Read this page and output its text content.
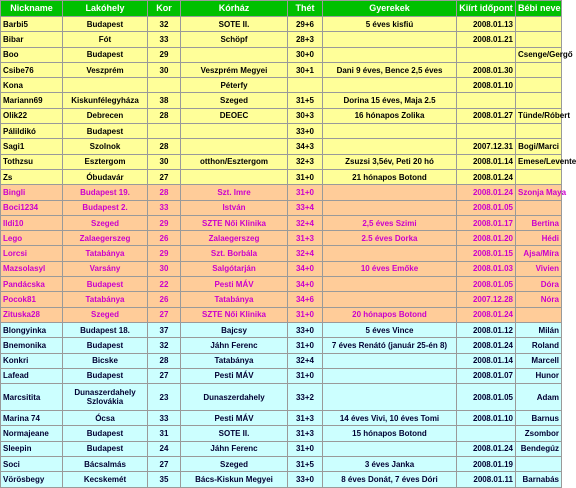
Nickname	Lakóhely	Kor	Kórház	Thét	Gyerekek	Kiírt időpont	Bébi neve
Barbi5	Budapest	32	SOTE II.	29+6	5 éves kisfiú	2008.01.13	
Bibar	Fót	33	Schöpf	28+3		2008.01.21	
Boo	Budapest	29		30+0			Csenge/Gergő
Csibe76	Veszprém	30	Veszprém Megyei	30+1	Dani 9 éves, Bence 2,5 éves	2008.01.30	
Kona			Péterfy			2008.01.10	
Mariann69	Kiskunfélegyháza	38	Szeged	31+5	Dorina 15 éves, Maja 2.5		
Olik22	Debrecen	28	DEOEC	30+3	16 hónapos Zolika	2008.01.27	Tünde/Róbert
Pálildikó	Budapest			33+0			
Sagi1	Szolnok	28		34+3		2007.12.31	Bogi/Marci
Tothzsu	Esztergom	30	otthon/Esztergom	32+3	Zsuzsi 3,5év, Peti 20 hó	2008.01.14	Emese/Levente
Zs	Óbudavár	27		31+0	21 hónapos Botond	2008.01.24	
Bingli	Budapest 19.	28	Szt. Imre	31+0		2008.01.24	Szonja Maya
Boci1234	Budapest 2.	33	István	33+4		2008.01.05	
Ildi10	Szeged	29	SZTE Női Klinika	32+4	2,5 éves Szimi	2008.01.17	Bertina
Lego	Zalaegerszeg	26	Zalaegerszeg	31+3	2.5 éves Dorka	2008.01.20	Hédi
Lorcsi	Tatabánya	29	Szt. Borbála	32+4		2008.01.15	Ajsa/Míra
Mazsolasyl	Varsány	30	Salgótarján	34+0	10 éves Emőke	2008.01.03	Vivien
Pandácska	Budapest	22	Pesti MÁV	34+0		2008.01.05	Dóra
Pocok81	Tatabánya	26	Tatabánya	34+6		2007.12.28	Nóra
Zituska28	Szeged	27	SZTE Női Klinika	31+0	20 hónapos Botond	2008.01.24	
Blongyinka	Budapest 18.	37	Bajcsy	33+0	5 éves Vince	2008.01.12	Milán
Bnemonika	Budapest	32	Jáhn Ferenc	31+0	7 éves Renátó (január 25-én 8)	2008.01.24	Roland
Konkri	Bicske	28	Tatabánya	32+4		2008.01.14	Marcell
Lafead	Budapest	27	Pesti MÁV	31+0		2008.01.07	Hunor
Marcsitita	Dunaszerdahely Szlovákia	23	Dunaszerdahely	33+2		2008.01.05	Adam
Marina 74	Ócsa	33	Pesti MÁV	31+3	14 éves Vivi, 10 éves Tomi	2008.01.10	Barnus
Normajeane	Budapest	31	SOTE II.	31+3	15 hónapos Botond		Zsombor
Sleepin	Budapest	24	Jáhn Ferenc	31+0		2008.01.24	Bendegúz
Soci	Bácsalmás	27	Szeged	31+5	3 éves Janka	2008.01.19	
Vörösbegy	Kecskemét	35	Bács-Kiskun Megyei	33+0	8 éves Donát, 7 éves Dóri	2008.01.11	Barnabás
